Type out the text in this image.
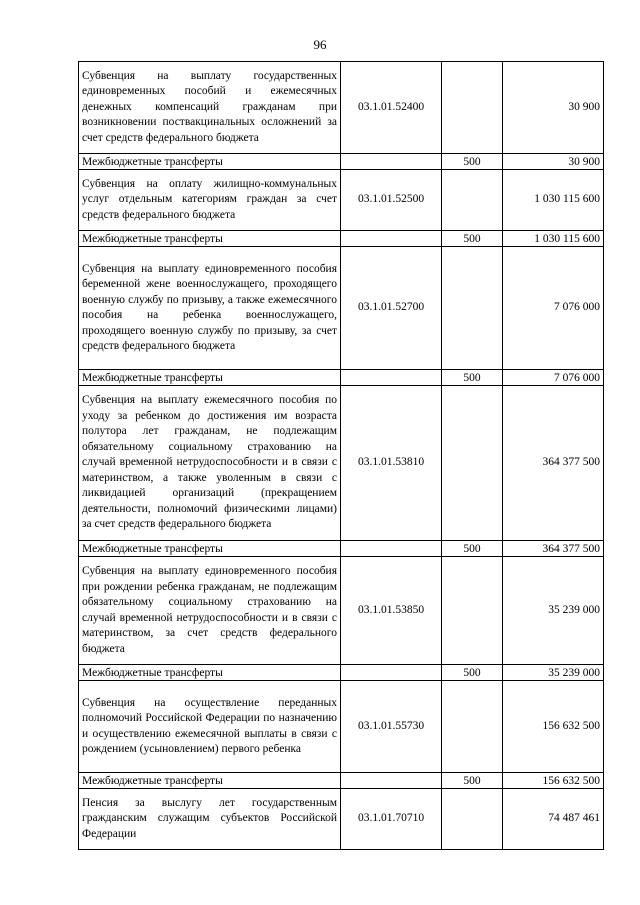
96
Субвенция на выплату государственных единовременных пособий и ежемесячных денежных компенсаций гражданам при возникновении поствакцинальных осложнений за счет средств федерального бюджета	03.1.01.52400		30 900
Межбюджетные трансферты		500	30 900
Субвенция на оплату жилищно-коммунальных услуг отдельным категориям граждан за счет средств федерального бюджета	03.1.01.52500		1 030 115 600
Межбюджетные трансферты		500	1 030 115 600
Субвенция на выплату единовременного пособия беременной жене военнослужащего, проходящего военную службу по призыву, а также ежемесячного пособия на ребенка военнослужащего, проходящего военную службу по призыву, за счет средств федерального бюджета	03.1.01.52700		7 076 000
Межбюджетные трансферты		500	7 076 000
Субвенция на выплату ежемесячного пособия по уходу за ребенком до достижения им возраста полутора лет гражданам, не подлежащим обязательному социальному страхованию на случай временной нетрудоспособности и в связи с материнством, а также уволенным в связи с ликвидацией организаций (прекращением деятельности, полномочий физическими лицами) за счет средств федерального бюджета	03.1.01.53810		364 377 500
Межбюджетные трансферты		500	364 377 500
Субвенция на выплату единовременного пособия при рождении ребенка гражданам, не подлежащим обязательному социальному страхованию на случай временной нетрудоспособности и в связи с материнством, за счет средств федерального бюджета	03.1.01.53850		35 239 000
Межбюджетные трансферты		500	35 239 000
Субвенция на осуществление переданных полномочий Российской Федерации по назначению и осуществлению ежемесячной выплаты в связи с рождением (усыновлением) первого ребенка	03.1.01.55730		156 632 500
Межбюджетные трансферты		500	156 632 500
Пенсия за выслугу лет государственным гражданским служащим субъектов Российской Федерации	03.1.01.70710		74 487 461
